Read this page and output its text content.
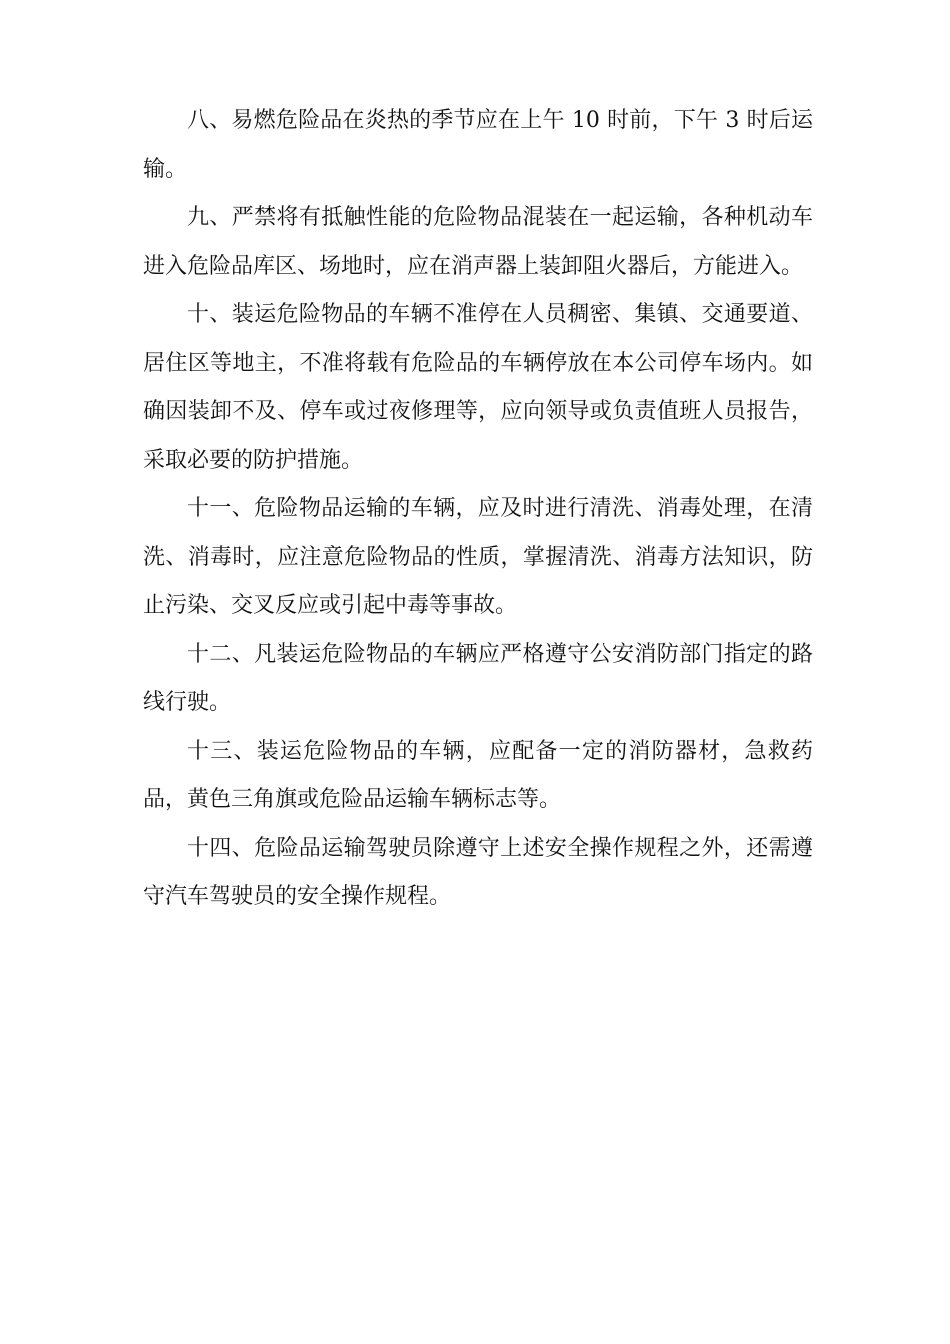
八、易燃危险品在炎热的季节应在上午 10 时前，下午 3 时后运输。

九、严禁将有抵触性能的危险物品混装在一起运输，各种机动车进入危险品库区、场地时，应在消声器上装卸阻火器后，方能进入。

十、装运危险物品的车辆不准停在人员稠密、集镇、交通要道、居住区等地主，不准将载有危险品的车辆停放在本公司停车场内。如确因装卸不及、停车或过夜修理等，应向领导或负责值班人员报告，采取必要的防护措施。

十一、危险物品运输的车辆，应及时进行清洗、消毒处理，在清洗、消毒时，应注意危险物品的性质，掌握清洗、消毒方法知识，防止污染、交叉反应或引起中毒等事故。

十二、凡装运危险物品的车辆应严格遵守公安消防部门指定的路线行驶。

十三、装运危险物品的车辆，应配备一定的消防器材，急救药品，黄色三角旗或危险品运输车辆标志等。

十四、危险品运输驾驶员除遵守上述安全操作规程之外，还需遵守汽车驾驶员的安全操作规程。
